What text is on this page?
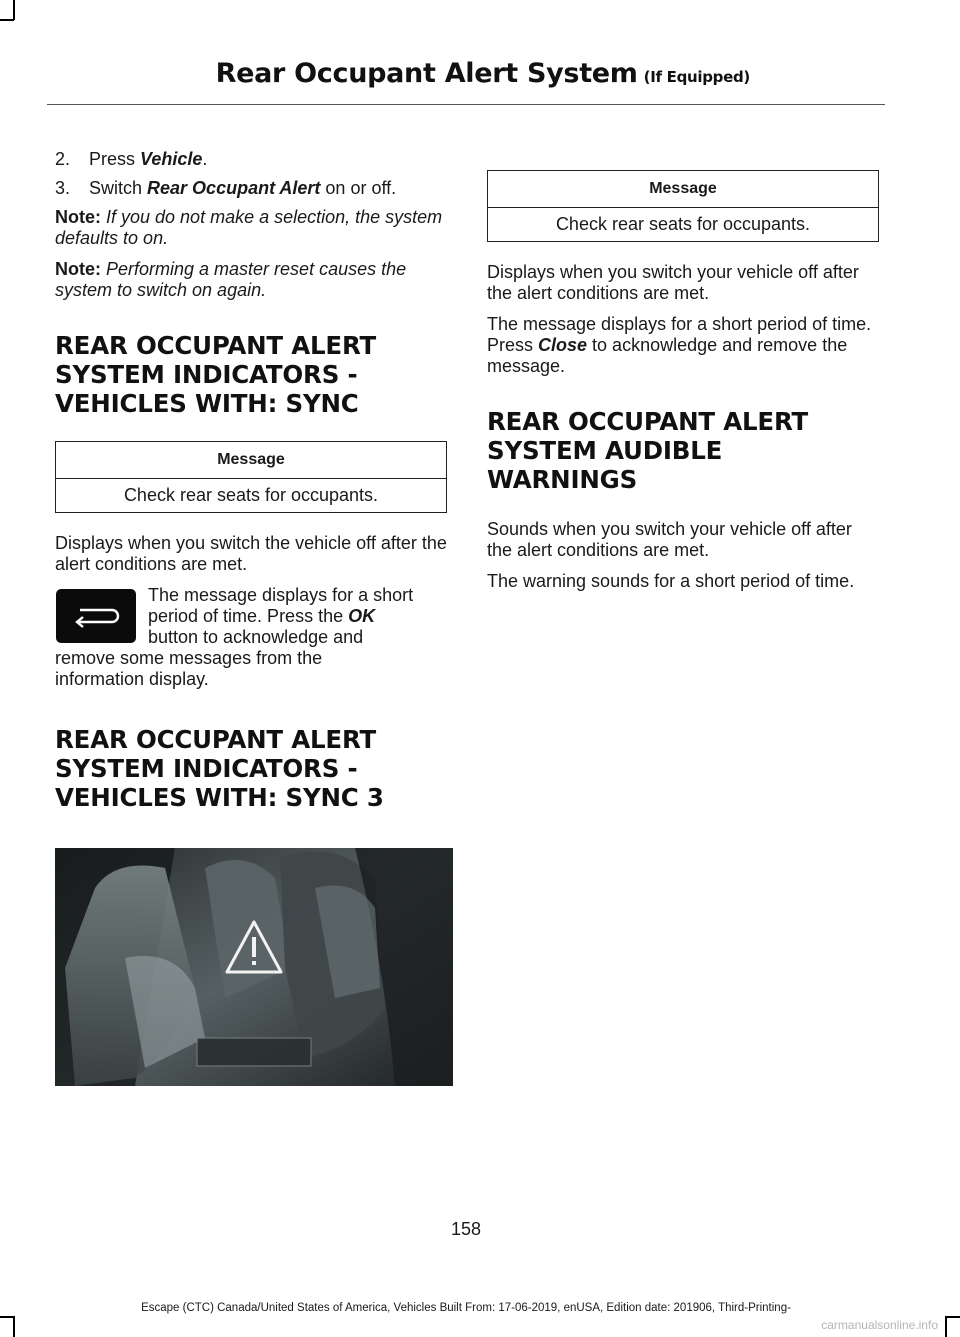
Rear Occupant Alert System (If Equipped)
2.	Press Vehicle.
3.	Switch Rear Occupant Alert on or off.

Note: If you do not make a selection, the system defaults to on.

Note: Performing a master reset causes the system to switch on again.

REAR OCCUPANT ALERT
SYSTEM INDICATORS -
VEHICLES WITH: SYNC
Message
Check rear seats for occupants.

Displays when you switch the vehicle off after the alert conditions are met.

The message displays for a short
period of time. Press the OK
button to acknowledge and
remove some messages from the
information display.
REAR OCCUPANT ALERT
SYSTEM INDICATORS -
VEHICLES WITH: SYNC 3
Message
Check rear seats for occupants.

Displays when you switch your vehicle off after the alert conditions are met.

The message displays for a short period of time. Press Close to acknowledge and remove the message.

REAR OCCUPANT ALERT
SYSTEM AUDIBLE WARNINGS

Sounds when you switch your vehicle off after the alert conditions are met.

The warning sounds for a short period of time.

158
Escape (CTC) Canada/United States of America, Vehicles Built From: 17-06-2019, enUSA, Edition date: 201906, Third-Printing-
carmanualsonline.info
